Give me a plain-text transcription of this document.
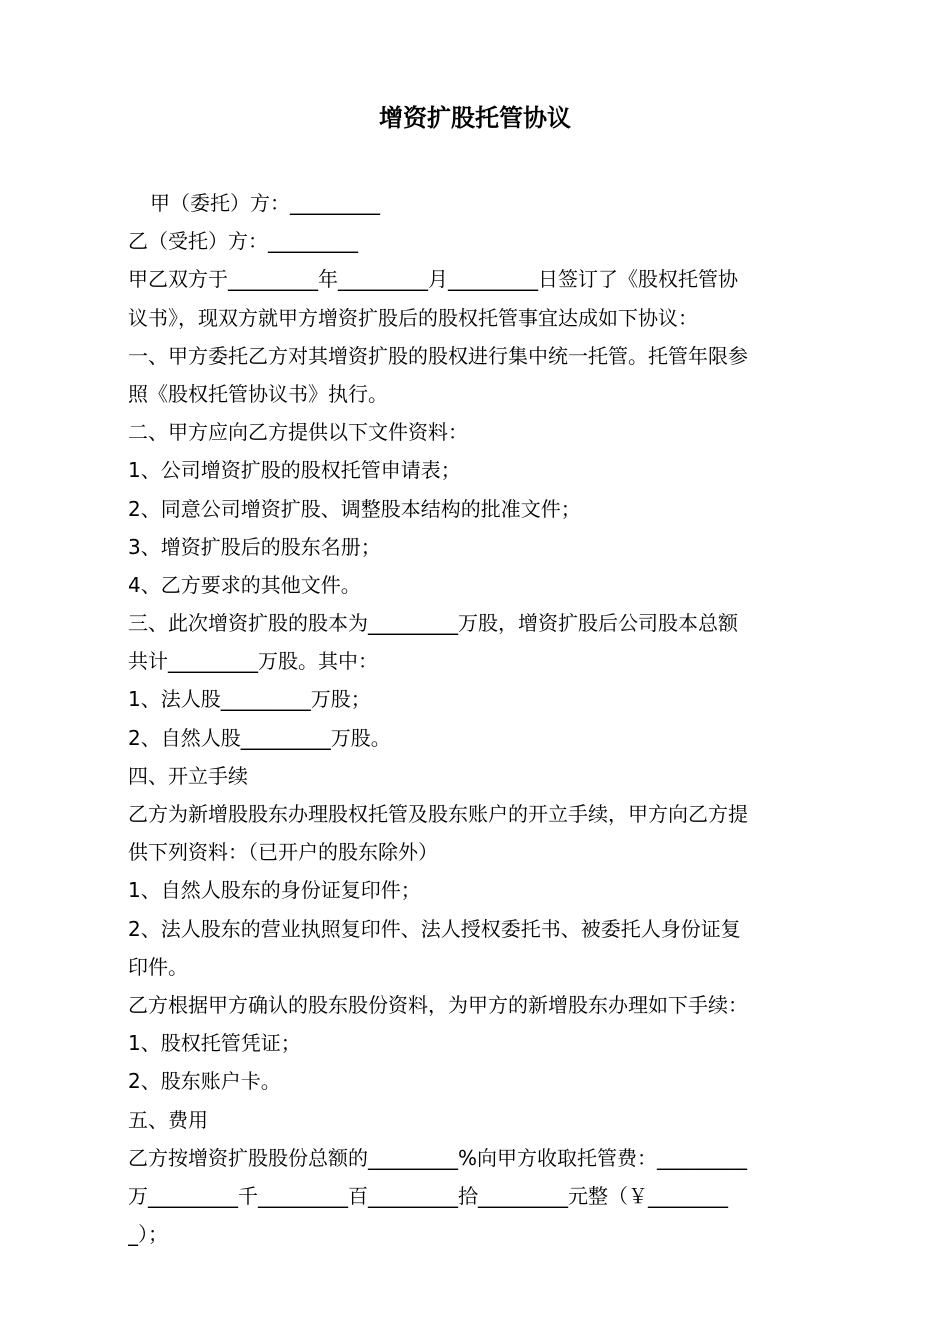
增资扩股托管协议
甲（委托）方：_________
乙（受托）方：_________
甲乙双方于_________年_________月_________日签订了《股权托管协
议书》，现双方就甲方增资扩股后的股权托管事宜达成如下协议：
一、甲方委托乙方对其增资扩股的股权进行集中统一托管。托管年限参
照《股权托管协议书》执行。
二、甲方应向乙方提供以下文件资料：
1、公司增资扩股的股权托管申请表；
2、同意公司增资扩股、调整股本结构的批准文件；
3、增资扩股后的股东名册；
4、乙方要求的其他文件。
三、此次增资扩股的股本为_________万股，增资扩股后公司股本总额
共计_________万股。其中：
1、法人股_________万股；
2、自然人股_________万股。
四、开立手续
乙方为新增股股东办理股权托管及股东账户的开立手续，甲方向乙方提
供下列资料：（已开户的股东除外）
1、自然人股东的身份证复印件；
2、法人股东的营业执照复印件、法人授权委托书、被委托人身份证复
印件。
乙方根据甲方确认的股东股份资料，为甲方的新增股东办理如下手续：
1、股权托管凭证；
2、股东账户卡。
五、费用
乙方按增资扩股股份总额的_________%向甲方收取托管费：_________
万_________千_________百_________拾_________元整（￥________
_）；
